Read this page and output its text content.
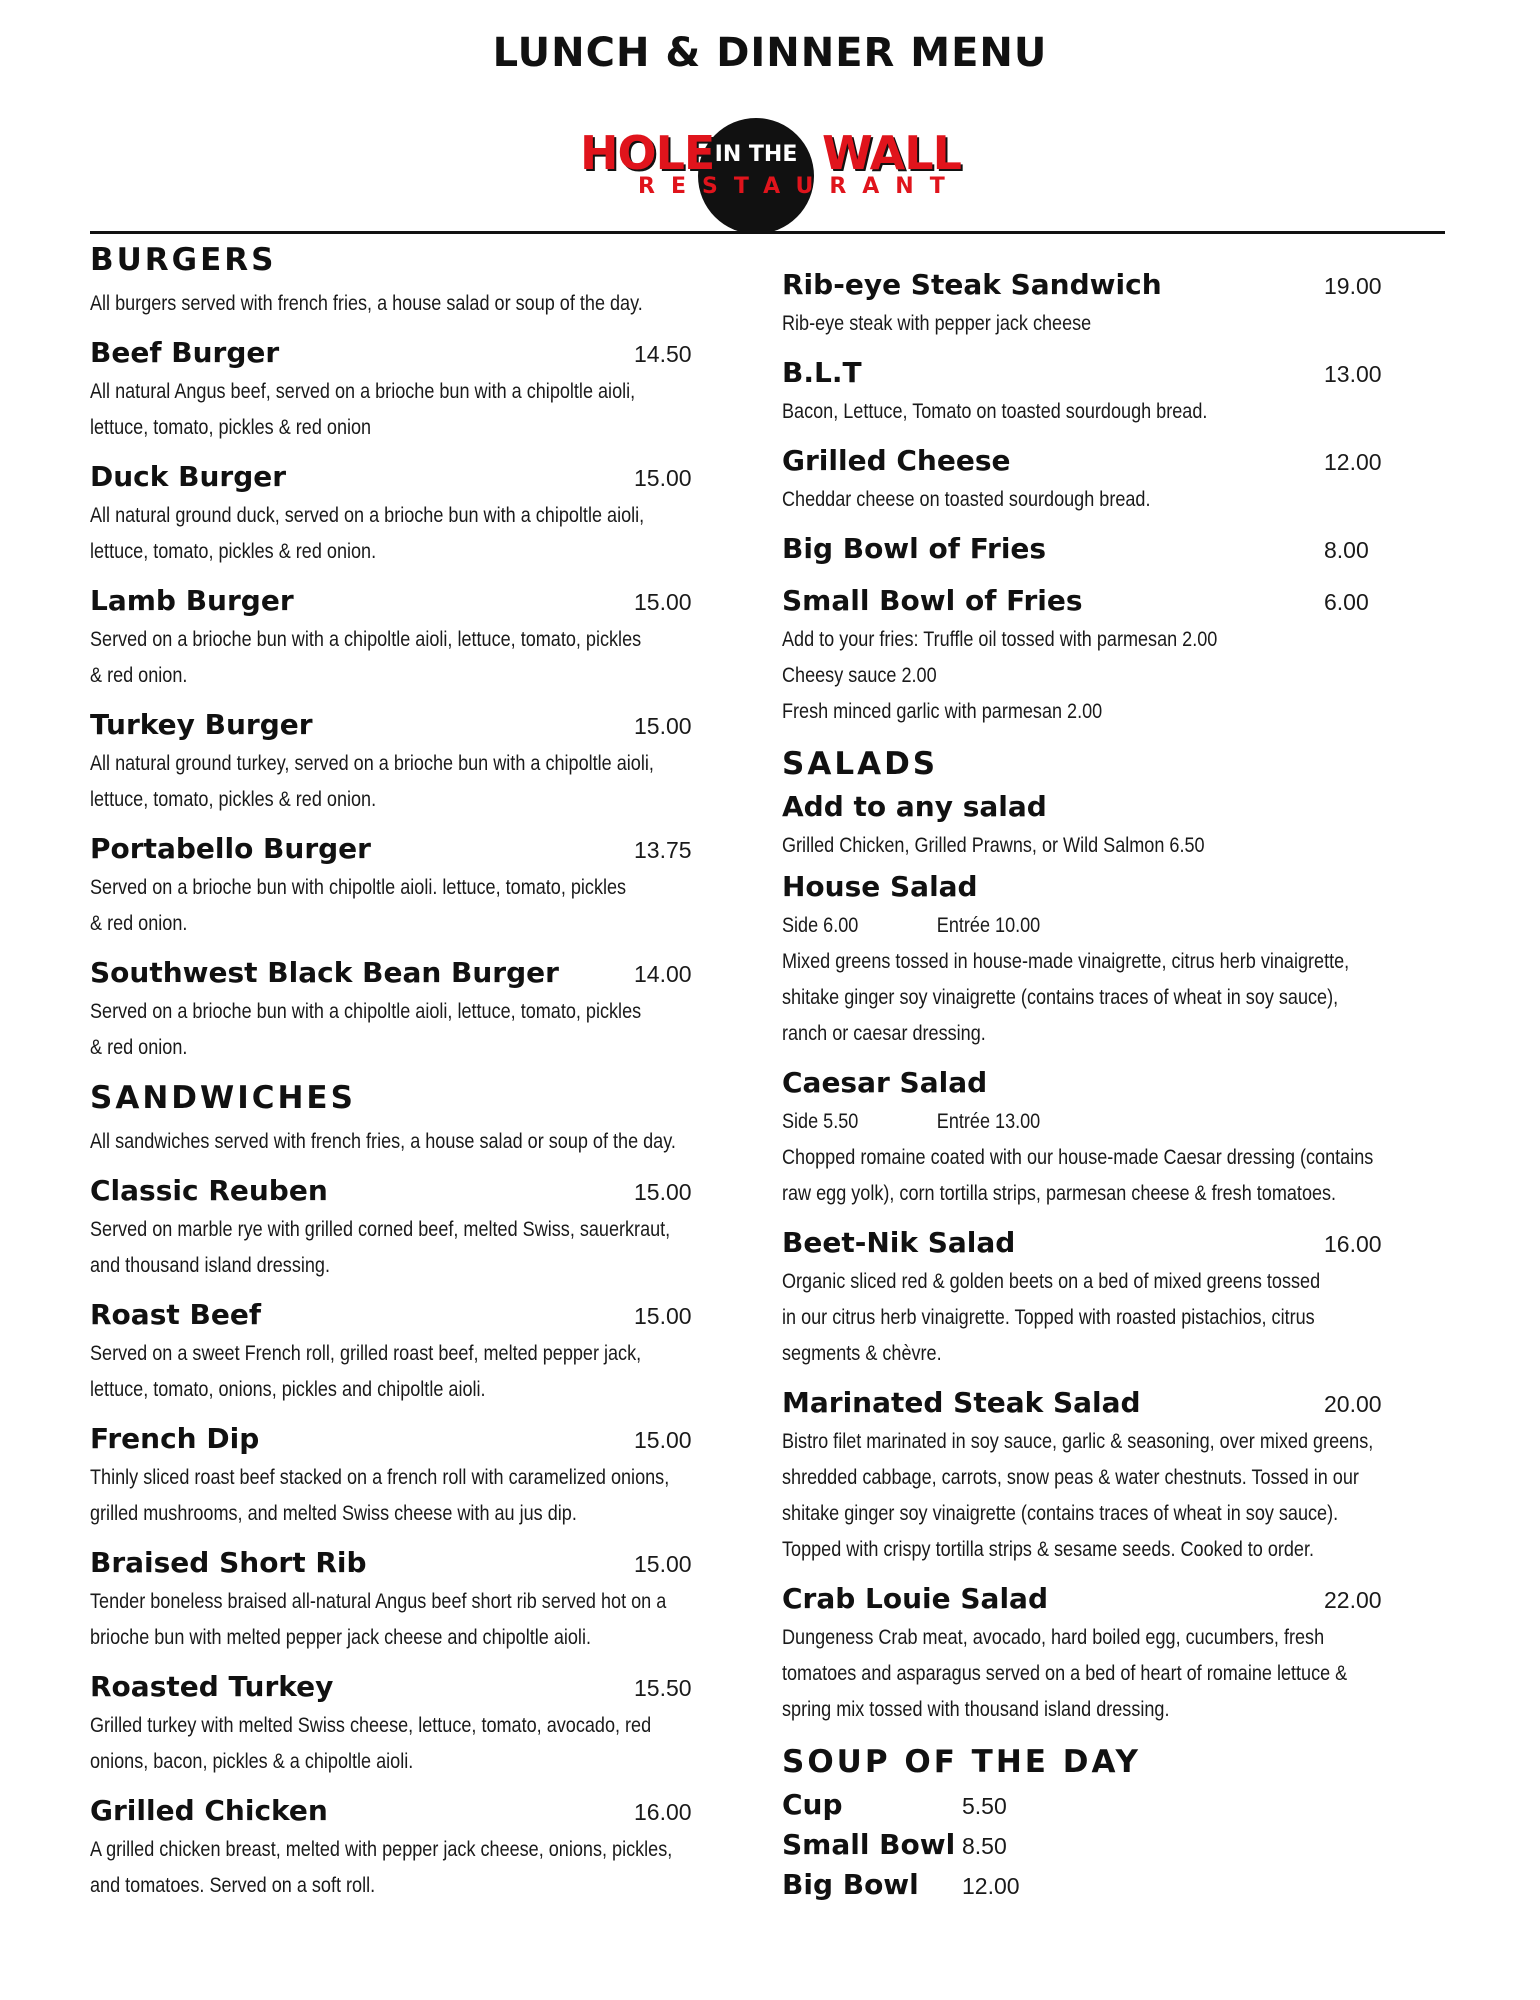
LUNCH & DINNER MENU
HOLE IN THE WALL
RESTAURANT
BURGERS
All burgers served with french fries, a house salad or soup of the day.
Beef Burger	14.50
All natural Angus beef, served on a brioche bun with a chipoltle aioli,
lettuce, tomato, pickles & red onion
Duck Burger	15.00
All natural ground duck, served on a brioche bun with a chipoltle aioli,
lettuce, tomato, pickles & red onion.
Lamb Burger	15.00
Served on a brioche bun with a chipoltle aioli, lettuce, tomato, pickles
& red onion.
Turkey Burger	15.00
All natural ground turkey, served on a brioche bun with a chipoltle aioli,
lettuce, tomato, pickles & red onion.
Portabello Burger	13.75
Served on a brioche bun with chipoltle aioli. lettuce, tomato, pickles
& red onion.
Southwest Black Bean Burger	14.00
Served on a brioche bun with a chipoltle aioli, lettuce, tomato, pickles
& red onion.
SANDWICHES
All sandwiches served with french fries, a house salad or soup of the day.
Classic Reuben	15.00
Served on marble rye with grilled corned beef, melted Swiss, sauerkraut,
and thousand island dressing.
Roast Beef	15.00
Served on a sweet French roll, grilled roast beef, melted pepper jack,
lettuce, tomato, onions, pickles and chipoltle aioli.
French Dip	15.00
Thinly sliced roast beef stacked on a french roll with caramelized onions,
grilled mushrooms, and melted Swiss cheese with au jus dip.
Braised Short Rib	15.00
Tender boneless braised all-natural Angus beef short rib served hot on a
brioche bun with melted pepper jack cheese and chipoltle aioli.
Roasted Turkey	15.50
Grilled turkey with melted Swiss cheese, lettuce, tomato, avocado, red
onions, bacon, pickles & a chipoltle aioli.
Grilled Chicken	16.00
A grilled chicken breast, melted with pepper jack cheese, onions, pickles,
and tomatoes. Served on a soft roll.
Rib-eye Steak Sandwich	19.00
Rib-eye steak with pepper jack cheese
B.L.T	13.00
Bacon, Lettuce, Tomato on toasted sourdough bread.
Grilled Cheese	12.00
Cheddar cheese on toasted sourdough bread.
Big Bowl of Fries	8.00
Small Bowl of Fries	6.00
Add to your fries: Truffle oil tossed with parmesan 2.00
Cheesy sauce 2.00
Fresh minced garlic with parmesan 2.00
SALADS
Add to any salad
Grilled Chicken, Grilled Prawns, or Wild Salmon 6.50
House Salad
Side 6.00	Entrée 10.00
Mixed greens tossed in house-made vinaigrette, citrus herb vinaigrette,
shitake ginger soy vinaigrette (contains traces of wheat in soy sauce),
ranch or caesar dressing.
Caesar Salad
Side 5.50	Entrée 13.00
Chopped romaine coated with our house-made Caesar dressing (contains
raw egg yolk), corn tortilla strips, parmesan cheese & fresh tomatoes.
Beet-Nik Salad	16.00
Organic sliced red & golden beets on a bed of mixed greens tossed
in our citrus herb vinaigrette. Topped with roasted pistachios, citrus
segments & chèvre.
Marinated Steak Salad	20.00
Bistro filet marinated in soy sauce, garlic & seasoning, over mixed greens,
shredded cabbage, carrots, snow peas & water chestnuts. Tossed in our
shitake ginger soy vinaigrette (contains traces of wheat in soy sauce).
Topped with crispy tortilla strips & sesame seeds. Cooked to order.
Crab Louie Salad	22.00
Dungeness Crab meat, avocado, hard boiled egg, cucumbers, fresh
tomatoes and asparagus served on a bed of heart of romaine lettuce &
spring mix tossed with thousand island dressing.
SOUP OF THE DAY
Cup	5.50
Small Bowl 8.50
Big Bowl	12.00
